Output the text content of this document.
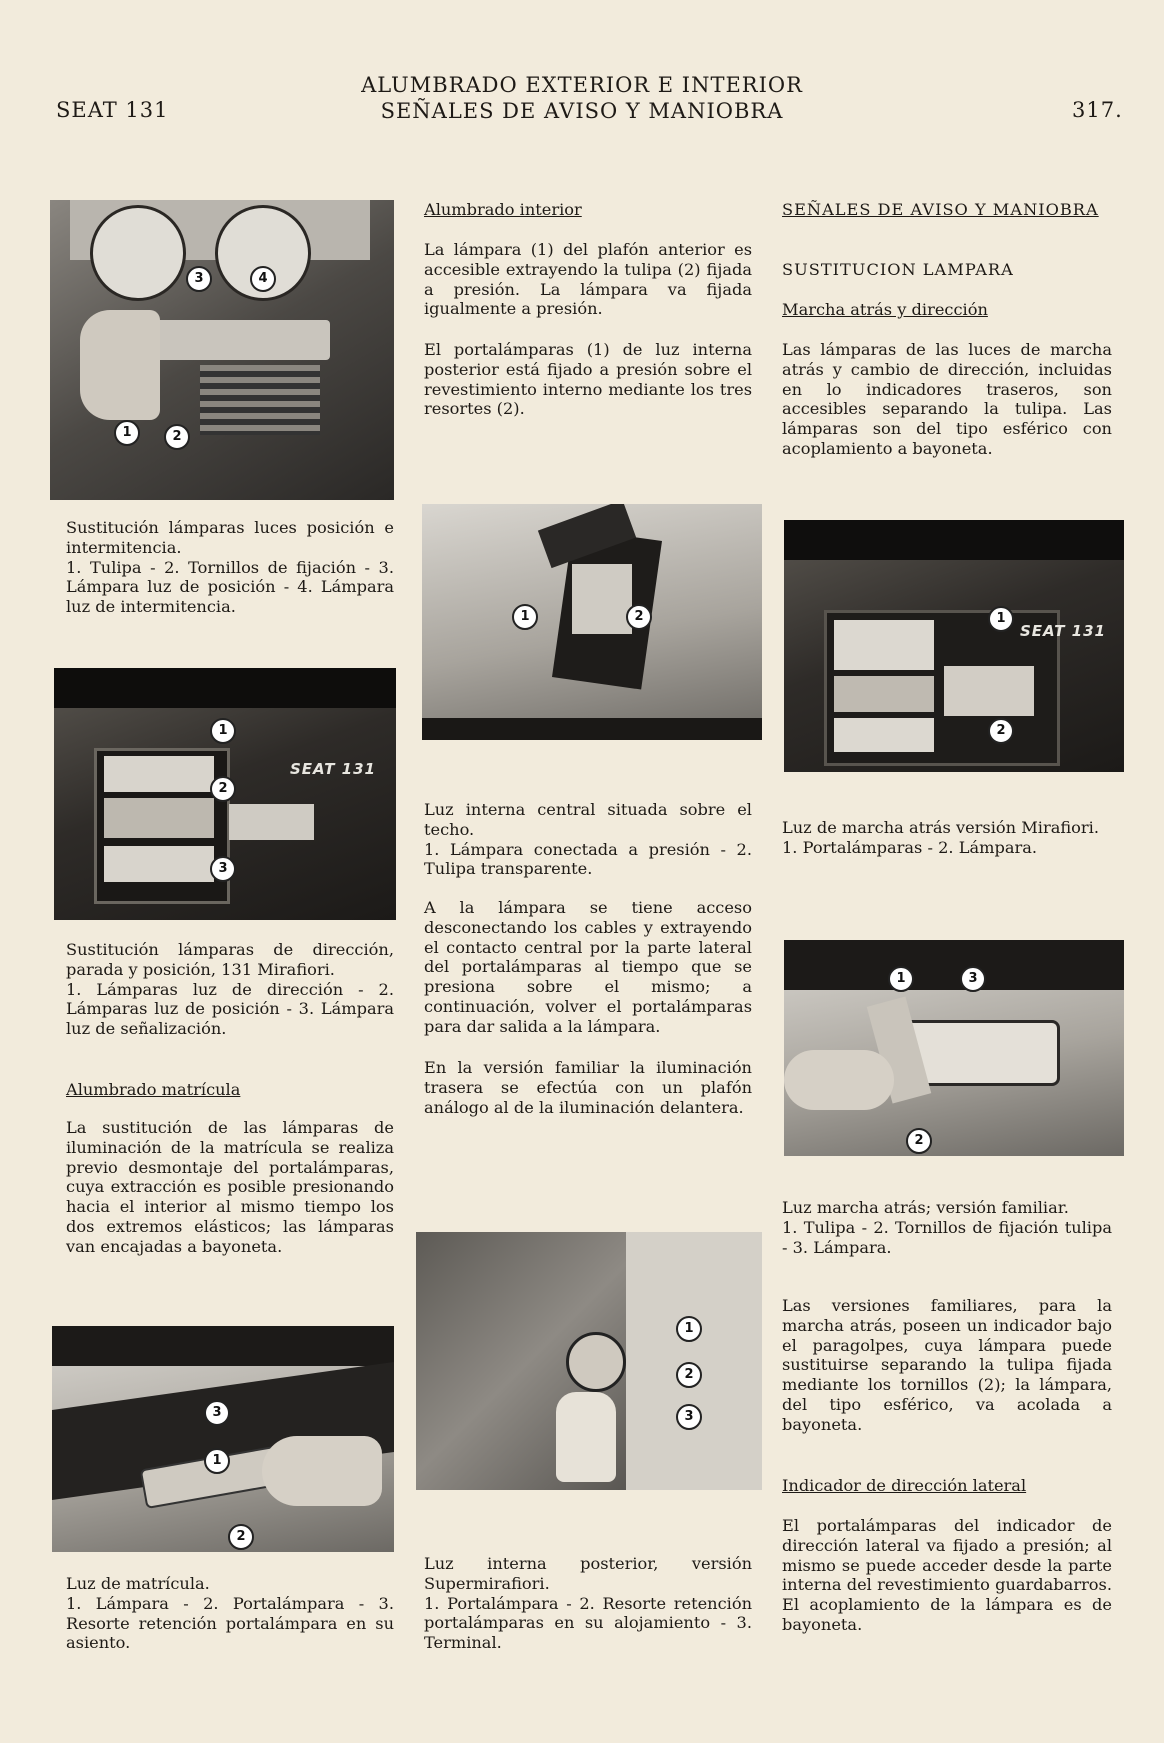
SEAT 131
ALUMBRADO EXTERIOR E INTERIOR
SEÑALES DE AVISO Y MANIOBRA	317.
3	4
1	2
Sustitución lámparas luces posición e intermitencia.
1. Tulipa - 2. Tornillos de fijación - 3. Lámpara luz de posición - 4. Lámpara luz de intermitencia.
SEAT 131
1
2
3
Sustitución lámparas de dirección, parada y posición, 131 Mirafiori.
1. Lámparas luz de dirección - 2. Lámparas luz de posición - 3. Lámpara luz de señalización.
Alumbrado matrícula
La sustitución de las lámparas de iluminación de la matrícula se realiza previo desmontaje del portalámparas, cuya extracción es posible presionando hacia el interior al mismo tiempo los dos extremos elásticos; las lámparas van encajadas a bayoneta.
3
1
2
Luz de matrícula.
1. Lámpara - 2. Portalámpara - 3. Resorte retención portalámpara en su asiento.
Alumbrado interior
La lámpara (1) del plafón anterior es accesible extrayendo la tulipa (2) fijada a presión. La lámpara va fijada igualmente a presión.
El portalámparas (1) de luz interna posterior está fijado a presión sobre el revestimiento interno mediante los tres resortes (2).
1	2
Luz interna central situada sobre el techo.
1. Lámpara conectada a presión - 2. Tulipa transparente.
A la lámpara se tiene acceso desconectando los cables y extrayendo el contacto central por la parte lateral del portalámparas al tiempo que se presiona sobre el mismo; a continuación, volver el portalámparas para dar salida a la lámpara.
En la versión familiar la iluminación trasera se efectúa con un plafón análogo al de la iluminación delantera.
1
2
3
Luz interna posterior, versión Supermirafiori.
1. Portalámpara - 2. Resorte retención portalámparas en su alojamiento - 3. Terminal.
SEÑALES DE AVISO Y MANIOBRA
SUSTITUCION LAMPARA
Marcha atrás y dirección
Las lámparas de las luces de marcha atrás y cambio de dirección, incluidas en lo indicadores traseros, son accesibles separando la tulipa. Las lámparas son del tipo esférico con acoplamiento a bayoneta.
SEAT 131
1
2
Luz de marcha atrás versión Mirafiori.
1. Portalámparas - 2. Lámpara.
1	3
2
Luz marcha atrás; versión familiar.
1. Tulipa - 2. Tornillos de fijación tulipa - 3. Lámpara.
Las versiones familiares, para la marcha atrás, poseen un indicador bajo el paragolpes, cuya lámpara puede sustituirse separando la tulipa fijada mediante los tornillos (2); la lámpara, del tipo esférico, va acolada a bayoneta.
Indicador de dirección lateral
El portalámparas del indicador de dirección lateral va fijado a presión; al mismo se puede acceder desde la parte interna del revestimiento guardabarros. El acoplamiento de la lámpara es de bayoneta.
